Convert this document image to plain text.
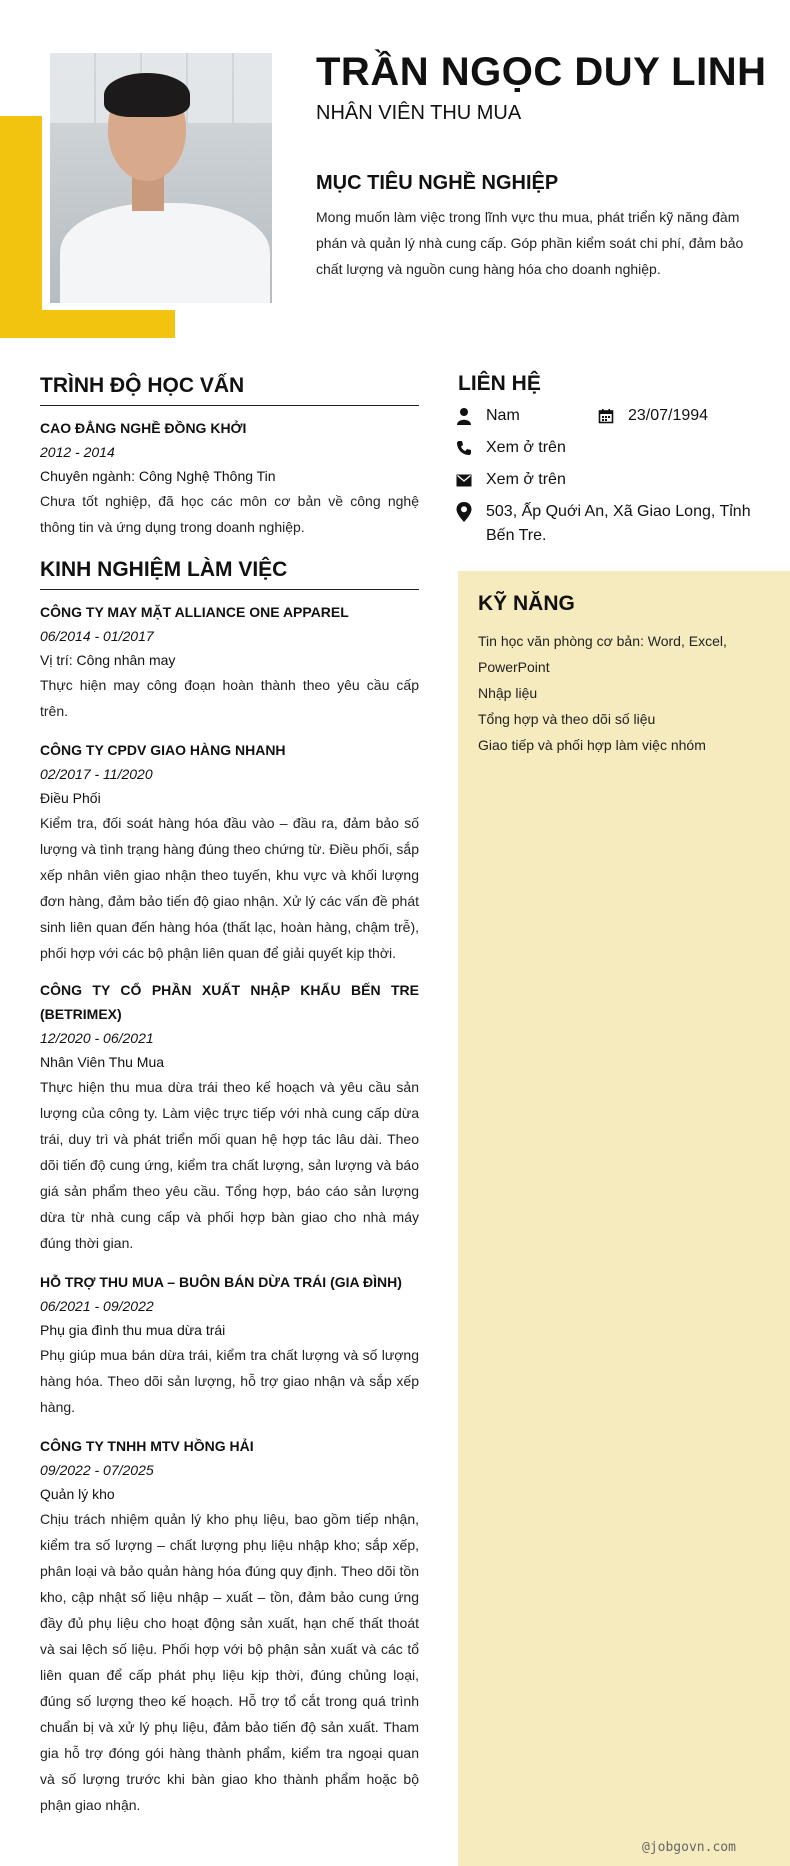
TRẦN NGỌC DUY LINH
NHÂN VIÊN THU MUA
MỤC TIÊU NGHỀ NGHIỆP

Mong muốn làm việc trong lĩnh vực thu mua, phát triển kỹ năng đàm phán và quản lý nhà cung cấp. Góp phần kiểm soát chi phí, đảm bảo chất lượng và nguồn cung hàng hóa cho doanh nghiệp.

TRÌNH ĐỘ HỌC VẤN

CAO ĐẲNG NGHỀ ĐỒNG KHỞI

2012 - 2014

Chuyên ngành: Công Nghệ Thông Tin

Chưa tốt nghiệp, đã học các môn cơ bản về công nghệ thông tin và ứng dụng trong doanh nghiệp.

KINH NGHIỆM LÀM VIỆC

CÔNG TY MAY MẶT ALLIANCE ONE APPAREL

06/2014 - 01/2017

Vị trí: Công nhân may

Thực hiện may công đoạn hoàn thành theo yêu cầu cấp trên.

CÔNG TY CPDV GIAO HÀNG NHANH

02/2017 - 11/2020

Điều Phối

Kiểm tra, đối soát hàng hóa đầu vào – đầu ra, đảm bảo số lượng và tình trạng hàng đúng theo chứng từ. Điều phối, sắp xếp nhân viên giao nhận theo tuyến, khu vực và khối lượng đơn hàng, đảm bảo tiến độ giao nhận. Xử lý các vấn đề phát sinh liên quan đến hàng hóa (thất lạc, hoàn hàng, chậm trễ), phối hợp với các bộ phận liên quan để giải quyết kịp thời.

CÔNG TY CỔ PHẦN XUẤT NHẬP KHẨU BẾN TRE (BETRIMEX)

12/2020 - 06/2021

Nhân Viên Thu Mua

Thực hiện thu mua dừa trái theo kế hoạch và yêu cầu sản lượng của công ty. Làm việc trực tiếp với nhà cung cấp dừa trái, duy trì và phát triển mối quan hệ hợp tác lâu dài. Theo dõi tiến độ cung ứng, kiểm tra chất lượng, sản lượng và báo giá sản phẩm theo yêu cầu. Tổng hợp, báo cáo sản lượng dừa từ nhà cung cấp và phối hợp bàn giao cho nhà máy đúng thời gian.

HỖ TRỢ THU MUA – BUÔN BÁN DỪA TRÁI (GIA ĐÌNH)

06/2021 - 09/2022

Phụ gia đình thu mua dừa trái

Phụ giúp mua bán dừa trái, kiểm tra chất lượng và số lượng hàng hóa. Theo dõi sản lượng, hỗ trợ giao nhận và sắp xếp hàng.

CÔNG TY TNHH MTV HỒNG HẢI

09/2022 - 07/2025

Quản lý kho

Chịu trách nhiệm quản lý kho phụ liệu, bao gồm tiếp nhận, kiểm tra số lượng – chất lượng phụ liệu nhập kho; sắp xếp, phân loại và bảo quản hàng hóa đúng quy định. Theo dõi tồn kho, cập nhật số liệu nhập – xuất – tồn, đảm bảo cung ứng đầy đủ phụ liệu cho hoạt động sản xuất, hạn chế thất thoát và sai lệch số liệu. Phối hợp với bộ phận sản xuất và các tổ liên quan để cấp phát phụ liệu kịp thời, đúng chủng loại, đúng số lượng theo kế hoạch. Hỗ trợ tổ cắt trong quá trình chuẩn bị và xử lý phụ liệu, đảm bảo tiến độ sản xuất. Tham gia hỗ trợ đóng gói hàng thành phẩm, kiểm tra ngoại quan và số lượng trước khi bàn giao kho thành phẩm hoặc bộ phận giao nhận.

LIÊN HỆ
Nam	23/07/1994
Xem ở trên
Xem ở trên
503, Ấp Quới An, Xã Giao Long, Tỉnh Bến Tre.
KỸ NĂNG
Tin học văn phòng cơ bản: Word, Excel, PowerPoint
Nhập liệu
Tổng hợp và theo dõi số liệu
Giao tiếp và phối hợp làm việc nhóm
@jobgovn.com
